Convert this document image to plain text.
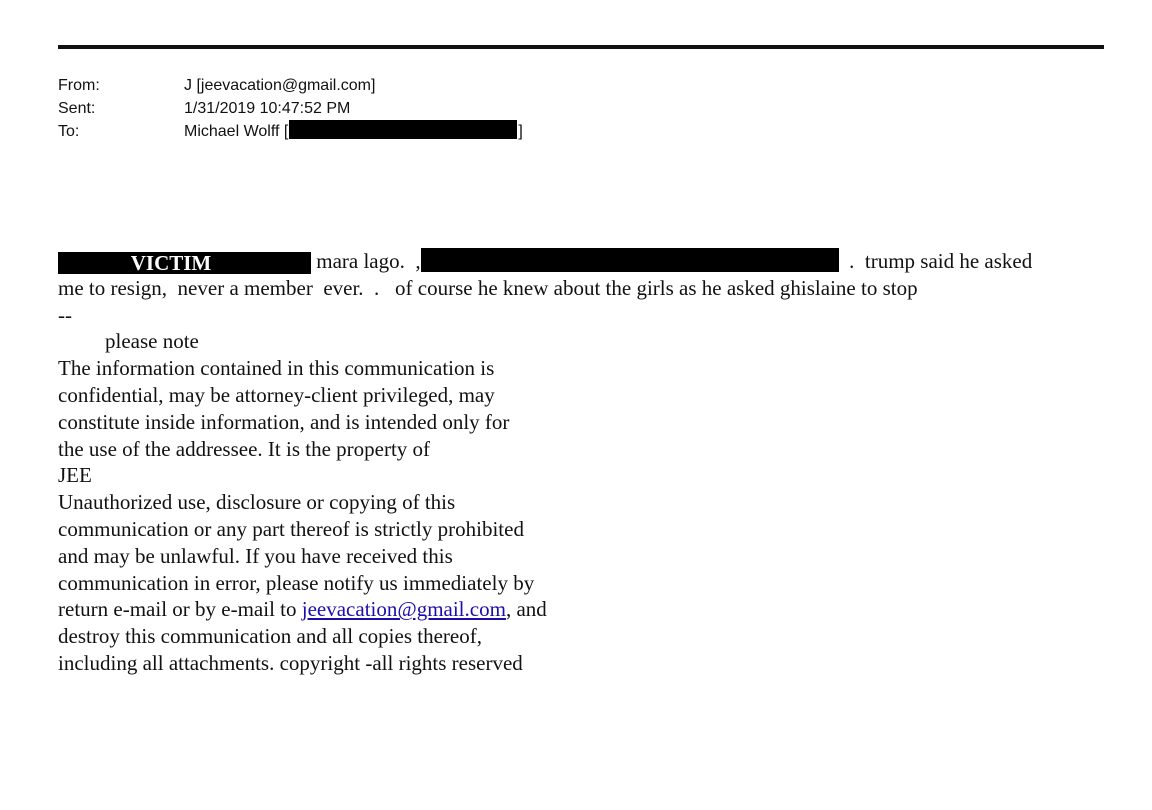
From:	J [jeevacation@gmail.com]
Sent:	1/31/2019 10:47:52 PM
To:	Michael Wolff [	]
VICTIM	mara lago.  ,	.  trump said he asked
me to resign,  never a member  ever.  .   of course he knew about the girls as he asked ghislaine to stop
--
please note
The information contained in this communication is
confidential, may be attorney-client privileged, may
constitute inside information, and is intended only for
the use of the addressee. It is the property of
JEE
Unauthorized use, disclosure or copying of this
communication or any part thereof is strictly prohibited
and may be unlawful. If you have received this
communication in error, please notify us immediately by
return e-mail or by e-mail to jeevacation@gmail.com, and
destroy this communication and all copies thereof,
including all attachments. copyright -all rights reserved
